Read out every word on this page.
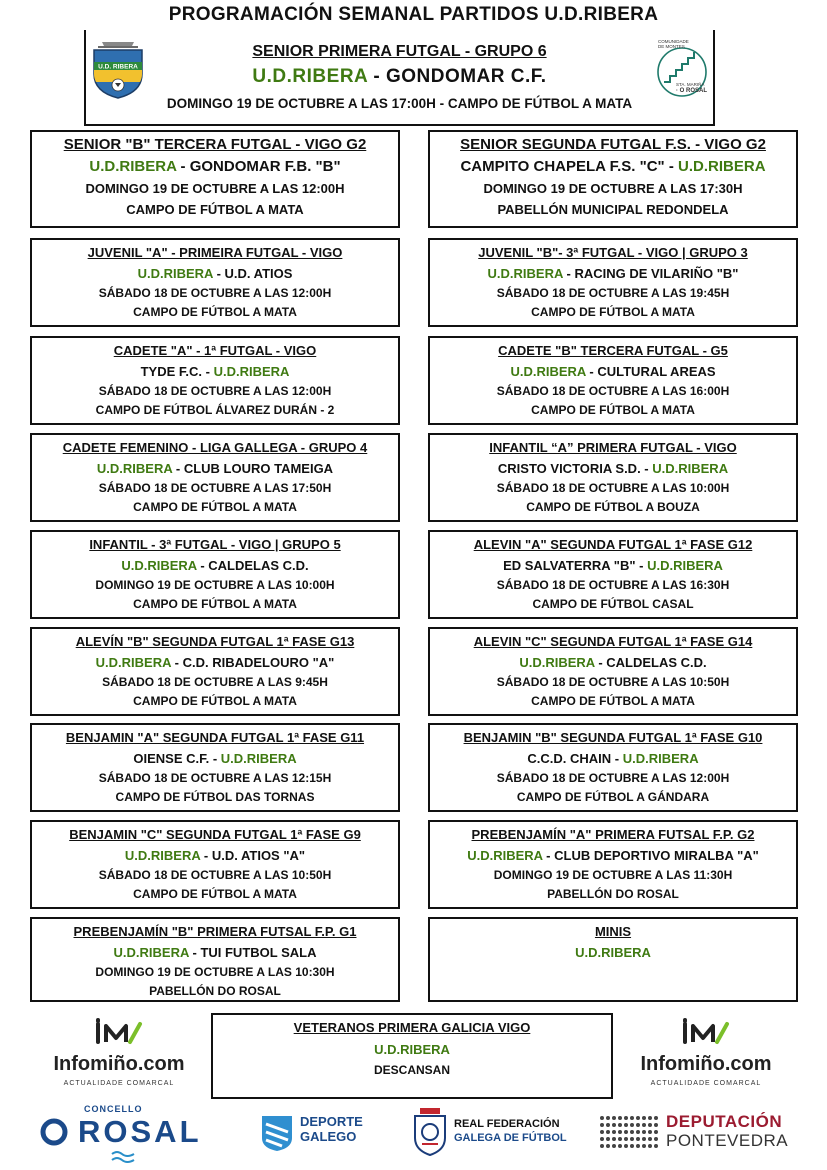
PROGRAMACIÓN SEMANAL PARTIDOS U.D.RIBERA
SENIOR PRIMERA FUTGAL - GRUPO 6
U.D.RIBERA - GONDOMAR C.F.
DOMINGO 19 DE OCTUBRE A LAS 17:00H - CAMPO DE FÚTBOL A MATA
U.D. RIBERA
COMUNIDADE
DE MONTES
STA. MARIÑA
· O ROSAL
SENIOR "B" TERCERA FUTGAL - VIGO G2
U.D.RIBERA - GONDOMAR F.B. "B"
DOMINGO 19 DE OCTUBRE A LAS 12:00H
CAMPO DE FÚTBOL A MATA
SENIOR SEGUNDA FUTGAL F.S. - VIGO G2
CAMPITO CHAPELA F.S. "C" - U.D.RIBERA
DOMINGO 19 DE OCTUBRE A LAS 17:30H
PABELLÓN MUNICIPAL REDONDELA
JUVENIL "A" - PRIMEIRA FUTGAL - VIGO
U.D.RIBERA - U.D. ATIOS
SÁBADO 18 DE OCTUBRE A LAS 12:00H
CAMPO DE FÚTBOL A MATA
JUVENIL "B"- 3ª FUTGAL - VIGO | GRUPO 3
U.D.RIBERA - RACING DE VILARIÑO "B"
SÁBADO 18 DE OCTUBRE A LAS 19:45H
CAMPO DE FÚTBOL A MATA
CADETE "A" - 1ª FUTGAL - VIGO
TYDE F.C. - U.D.RIBERA
SÁBADO 18 DE OCTUBRE A LAS 12:00H
CAMPO DE FÚTBOL ÁLVAREZ DURÁN - 2
CADETE "B" TERCERA FUTGAL - G5
U.D.RIBERA - CULTURAL AREAS
SÁBADO 18 DE OCTUBRE A LAS 16:00H
CAMPO DE FÚTBOL A MATA
CADETE FEMENINO - LIGA GALLEGA - GRUPO 4
U.D.RIBERA - CLUB LOURO TAMEIGA
SÁBADO 18 DE OCTUBRE A LAS 17:50H
CAMPO DE FÚTBOL A MATA
INFANTIL “A” PRIMERA FUTGAL - VIGO
CRISTO VICTORIA S.D. - U.D.RIBERA
SÁBADO 18 DE OCTUBRE A LAS 10:00H
CAMPO DE FÚTBOL A BOUZA
INFANTIL - 3ª FUTGAL - VIGO | GRUPO 5
U.D.RIBERA - CALDELAS C.D.
DOMINGO 19 DE OCTUBRE A LAS 10:00H
CAMPO DE FÚTBOL A MATA
ALEVIN "A" SEGUNDA FUTGAL 1ª FASE G12
ED SALVATERRA "B" - U.D.RIBERA
SÁBADO 18 DE OCTUBRE A LAS 16:30H
CAMPO DE FÚTBOL CASAL
ALEVÍN "B" SEGUNDA FUTGAL 1ª FASE G13
U.D.RIBERA - C.D. RIBADELOURO "A"
SÁBADO 18 DE OCTUBRE A LAS 9:45H
CAMPO DE FÚTBOL A MATA
ALEVIN "C" SEGUNDA FUTGAL 1ª FASE G14
U.D.RIBERA - CALDELAS C.D.
SÁBADO 18 DE OCTUBRE A LAS 10:50H
CAMPO DE FÚTBOL A MATA
BENJAMIN "A" SEGUNDA FUTGAL 1ª FASE G11
OIENSE C.F. - U.D.RIBERA
SÁBADO 18 DE OCTUBRE A LAS 12:15H
CAMPO DE FÚTBOL DAS TORNAS
BENJAMIN "B" SEGUNDA FUTGAL 1ª FASE G10
C.C.D. CHAIN - U.D.RIBERA
SÁBADO 18 DE OCTUBRE A LAS 12:00H
CAMPO DE FÚTBOL A GÁNDARA
BENJAMIN "C" SEGUNDA FUTGAL 1ª FASE G9
U.D.RIBERA - U.D. ATIOS "A"
SÁBADO 18 DE OCTUBRE A LAS 10:50H
CAMPO DE FÚTBOL A MATA
PREBENJAMÍN "A" PRIMERA FUTSAL F.P. G2
U.D.RIBERA - CLUB DEPORTIVO MIRALBA "A"
DOMINGO 19 DE OCTUBRE A LAS 11:30H
PABELLÓN DO ROSAL
PREBENJAMÍN "B" PRIMERA FUTSAL F.P. G1
U.D.RIBERA - TUI FUTBOL SALA
DOMINGO 19 DE OCTUBRE A LAS 10:30H
PABELLÓN DO ROSAL
MINIS
U.D.RIBERA
VETERANOS PRIMERA GALICIA VIGO
U.D.RIBERA
DESCANSAN
Infomiño.com
ACTUALIDADE COMARCAL
Infomiño.com
ACTUALIDADE COMARCAL
CONCELLO
ROSAL	DEPORTE
GALEGO
REAL FEDERACIÓN
GALEGA DE FÚTBOL
DEPUTACIÓN
PONTEVEDRA
